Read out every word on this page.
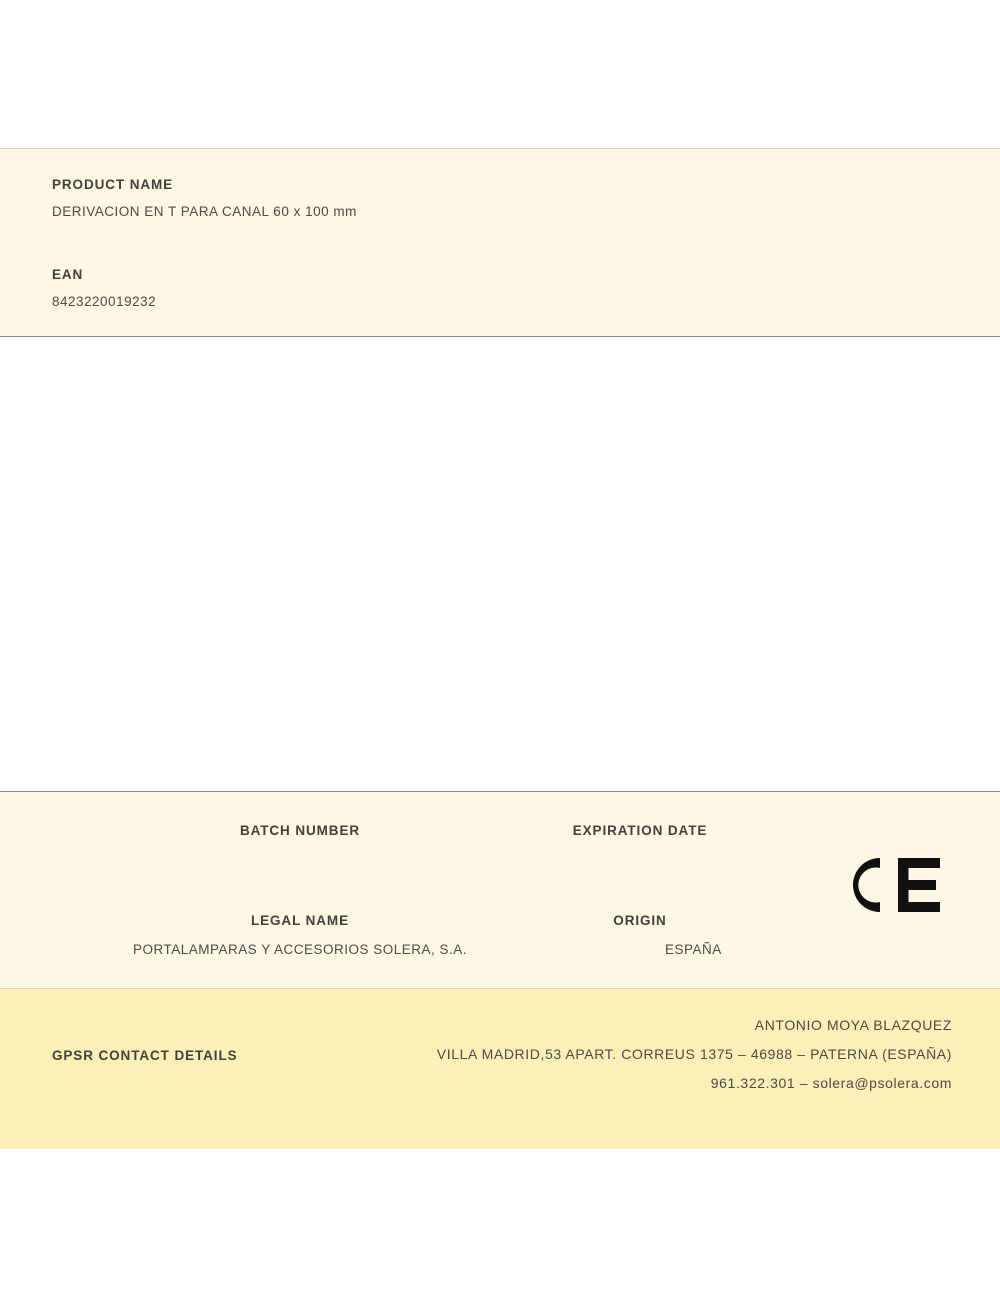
PRODUCT NAME

DERIVACION EN T PARA CANAL 60 x 100 mm

EAN

8423220019232

BATCH NUMBER	EXPIRATION DATE

LEGAL NAME

PORTALAMPARAS Y ACCESORIOS SOLERA, S.A.

ORIGIN

ESPAÑA

GPSR CONTACT DETAILS

ANTONIO MOYA BLAZQUEZ

VILLA MADRID,53 APART. CORREUS 1375 – 46988 – PATERNA (ESPAÑA)

961.322.301 – solera@psolera.com
